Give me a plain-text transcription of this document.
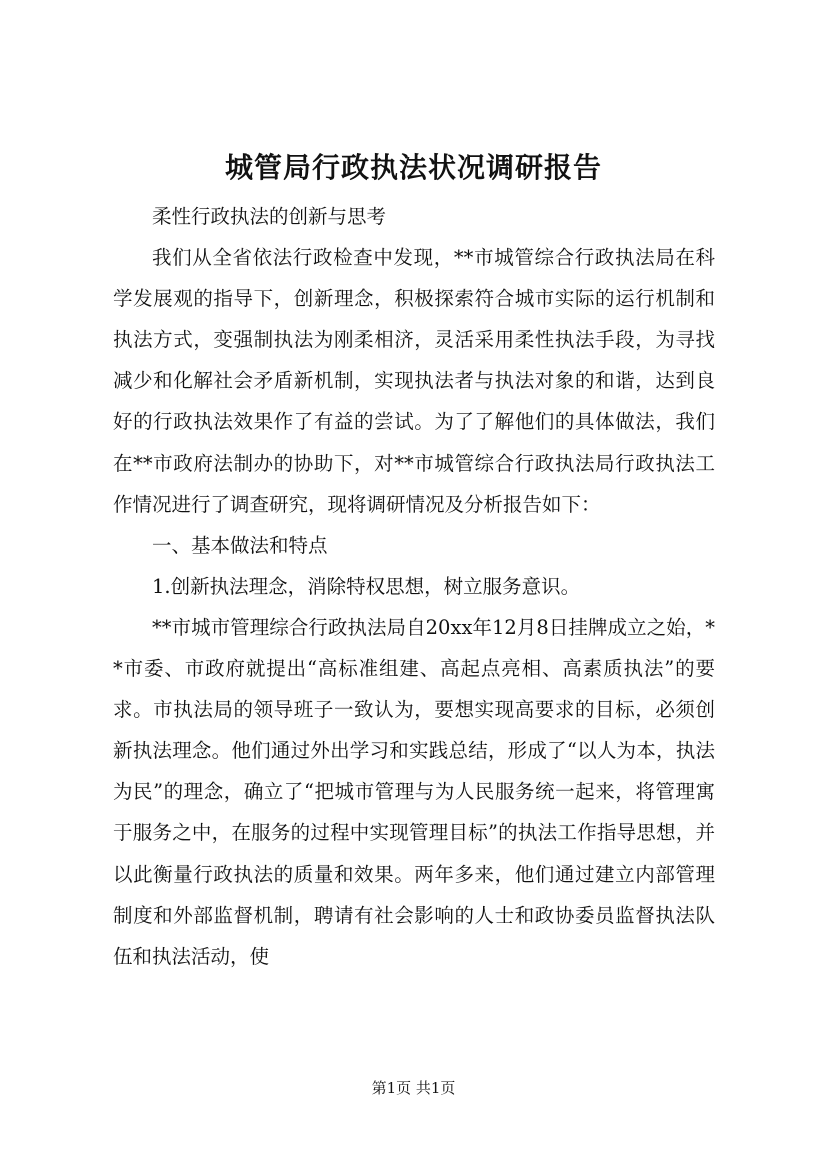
城管局行政执法状况调研报告

柔性行政执法的创新与思考

我们从全省依法行政检查中发现，**市城管综合行政执法局在科学发展观的指导下，创新理念，积极探索符合城市实际的运行机制和执法方式，变强制执法为刚柔相济，灵活采用柔性执法手段，为寻找减少和化解社会矛盾新机制，实现执法者与执法对象的和谐，达到良好的行政执法效果作了有益的尝试。为了了解他们的具体做法，我们在**市政府法制办的协助下，对**市城管综合行政执法局行政执法工作情况进行了调查研究，现将调研情况及分析报告如下：

一、基本做法和特点

1.创新执法理念，消除特权思想，树立服务意识。

**市城市管理综合行政执法局自20xx年12月8日挂牌成立之始，**市委、市政府就提出“高标准组建、高起点亮相、高素质执法”的要求。市执法局的领导班子一致认为，要想实现高要求的目标，必须创新执法理念。他们通过外出学习和实践总结，形成了“以人为本，执法为民”的理念，确立了“把城市管理与为人民服务统一起来，将管理寓于服务之中，在服务的过程中实现管理目标”的执法工作指导思想，并以此衡量行政执法的质量和效果。两年多来，他们通过建立内部管理制度和外部监督机制，聘请有社会影响的人士和政协委员监督执法队伍和执法活动，使

第1页 共1页
